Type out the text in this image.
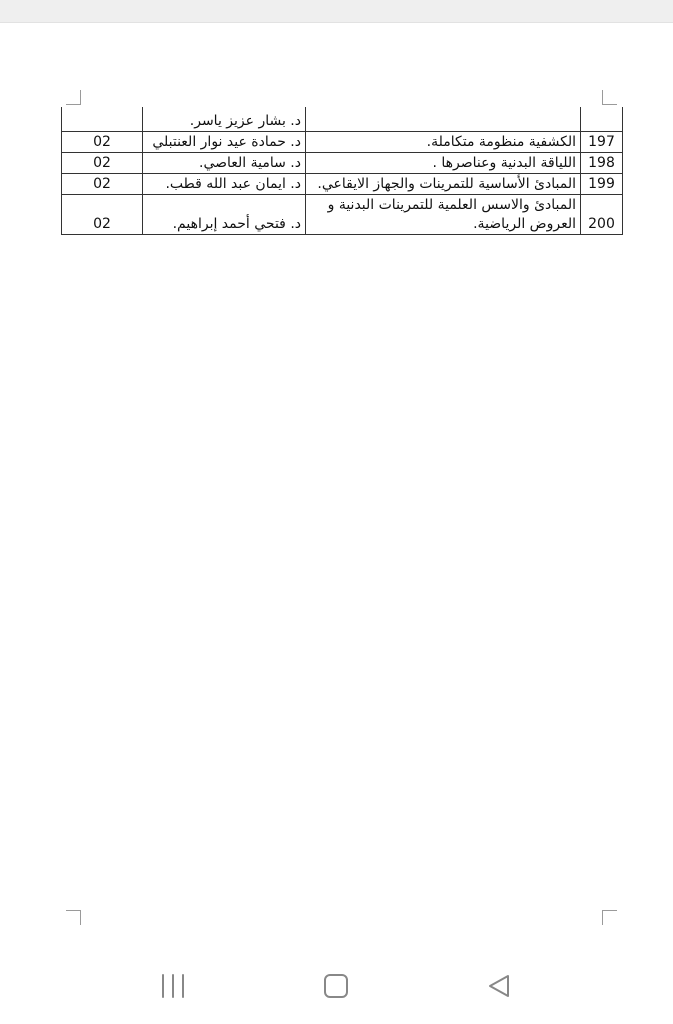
		د. بشار عزيز ياسر.	
197	الكشفية منظومة متكاملة.	د. حمادة عيد نوار العنتبلي	02
198	اللياقة البدنية وعناصرها .	د. سامية العاصي.	02
199	المبادئ الأساسية للتمرينات والجهاز الايقاعي.	د. ايمان عبد الله قطب.	02
200	المبادئ والاسس العلمية للتمرينات البدنية و العروض الرياضية.	د. فتحي أحمد إبراهيم.	02
